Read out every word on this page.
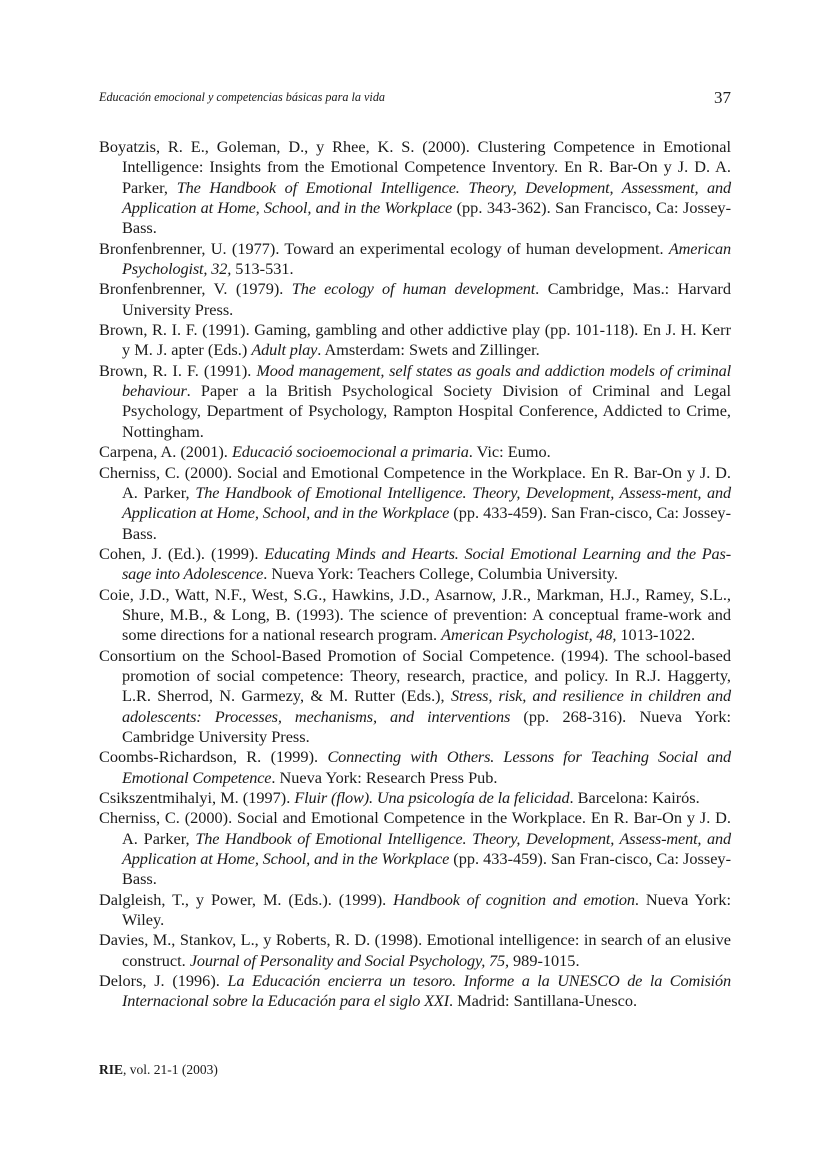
Educación emocional y competencias básicas para la vida	37

Boyatzis, R. E., Goleman, D., y Rhee, K. S. (2000). Clustering Competence in Emotional Intelligence: Insights from the Emotional Competence Inventory. En R. Bar-On y J. D. A. Parker, The Handbook of Emotional Intelligence. Theory, Development, Assessment, and Application at Home, School, and in the Workplace (pp. 343-362). San Francisco, Ca: Jossey-Bass.

Bronfenbrenner, U. (1977). Toward an experimental ecology of human development. American Psychologist, 32, 513-531.

Bronfenbrenner, V. (1979). The ecology of human development. Cambridge, Mas.: Harvard University Press.

Brown, R. I. F. (1991). Gaming, gambling and other addictive play (pp. 101-118). En J. H. Kerr y M. J. apter (Eds.) Adult play. Amsterdam: Swets and Zillinger.

Brown, R. I. F. (1991). Mood management, self states as goals and addiction models of criminal behaviour. Paper a la British Psychological Society Division of Criminal and Legal Psychology, Department of Psychology, Rampton Hospital Conference, Addicted to Crime, Nottingham.

Carpena, A. (2001). Educació socioemocional a primaria. Vic: Eumo.

Cherniss, C. (2000). Social and Emotional Competence in the Workplace. En R. Bar-On y J. D. A. Parker, The Handbook of Emotional Intelligence. Theory, Development, Assess-ment, and Application at Home, School, and in the Workplace (pp. 433-459). San Fran-cisco, Ca: Jossey-Bass.

Cohen, J. (Ed.). (1999). Educating Minds and Hearts. Social Emotional Learning and the Pas-sage into Adolescence. Nueva York: Teachers College, Columbia University.

Coie, J.D., Watt, N.F., West, S.G., Hawkins, J.D., Asarnow, J.R., Markman, H.J., Ramey, S.L., Shure, M.B., & Long, B. (1993). The science of prevention: A conceptual frame-work and some directions for a national research program. American Psychologist, 48, 1013-1022.

Consortium on the School-Based Promotion of Social Competence. (1994). The school-based promotion of social competence: Theory, research, practice, and policy. In R.J. Haggerty, L.R. Sherrod, N. Garmezy, & M. Rutter (Eds.), Stress, risk, and resilience in children and adolescents: Processes, mechanisms, and interventions (pp. 268-316). Nueva York: Cambridge University Press.

Coombs-Richardson, R. (1999). Connecting with Others. Lessons for Teaching Social and Emotional Competence. Nueva York: Research Press Pub.

Csikszentmihalyi, M. (1997). Fluir (flow). Una psicología de la felicidad. Barcelona: Kairós.

Cherniss, C. (2000). Social and Emotional Competence in the Workplace. En R. Bar-On y J. D. A. Parker, The Handbook of Emotional Intelligence. Theory, Development, Assess-ment, and Application at Home, School, and in the Workplace (pp. 433-459). San Fran-cisco, Ca: Jossey-Bass.

Dalgleish, T., y Power, M. (Eds.). (1999). Handbook of cognition and emotion. Nueva York: Wiley.

Davies, M., Stankov, L., y Roberts, R. D. (1998). Emotional intelligence: in search of an elusive construct. Journal of Personality and Social Psychology, 75, 989-1015.

Delors, J. (1996). La Educación encierra un tesoro. Informe a la UNESCO de la Comisión Internacional sobre la Educación para el siglo XXI. Madrid: Santillana-Unesco.

RIE, vol. 21-1 (2003)
